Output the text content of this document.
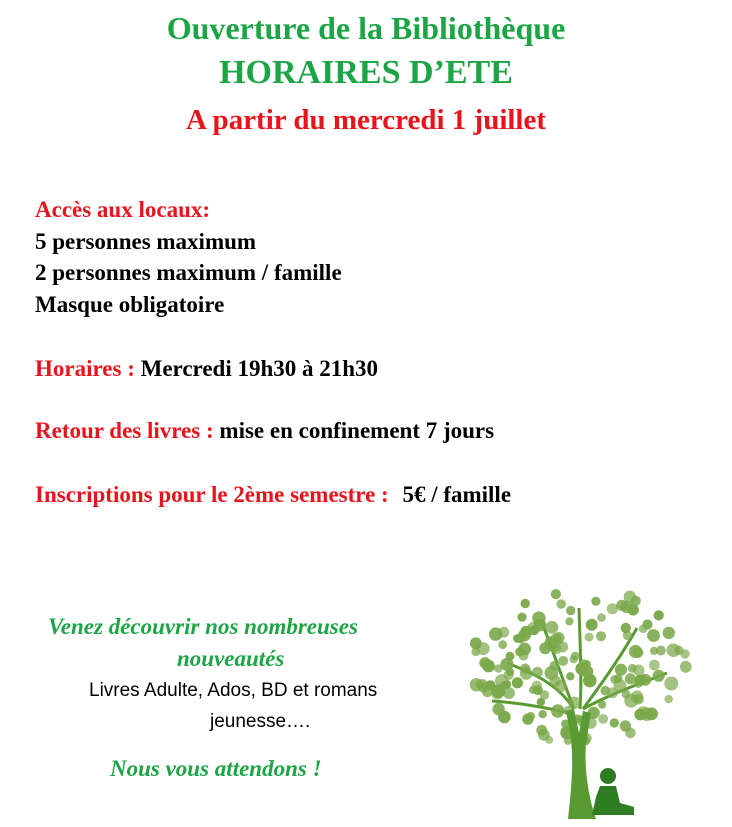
Ouverture de la Bibliothèque
HORAIRES D’ETE
A partir du mercredi 1 juillet
Accès aux locaux:
5 personnes maximum
2 personnes maximum / famille
Masque obligatoire
Horaires : Mercredi 19h30 à 21h30
Retour des livres : mise en confinement 7 jours
Inscriptions pour le 2ème semestre : 5€ / famille
Venez découvrir nos nombreuses
nouveautés
Livres Adulte, Ados, BD et romans
jeunesse….
Nous vous attendons !
